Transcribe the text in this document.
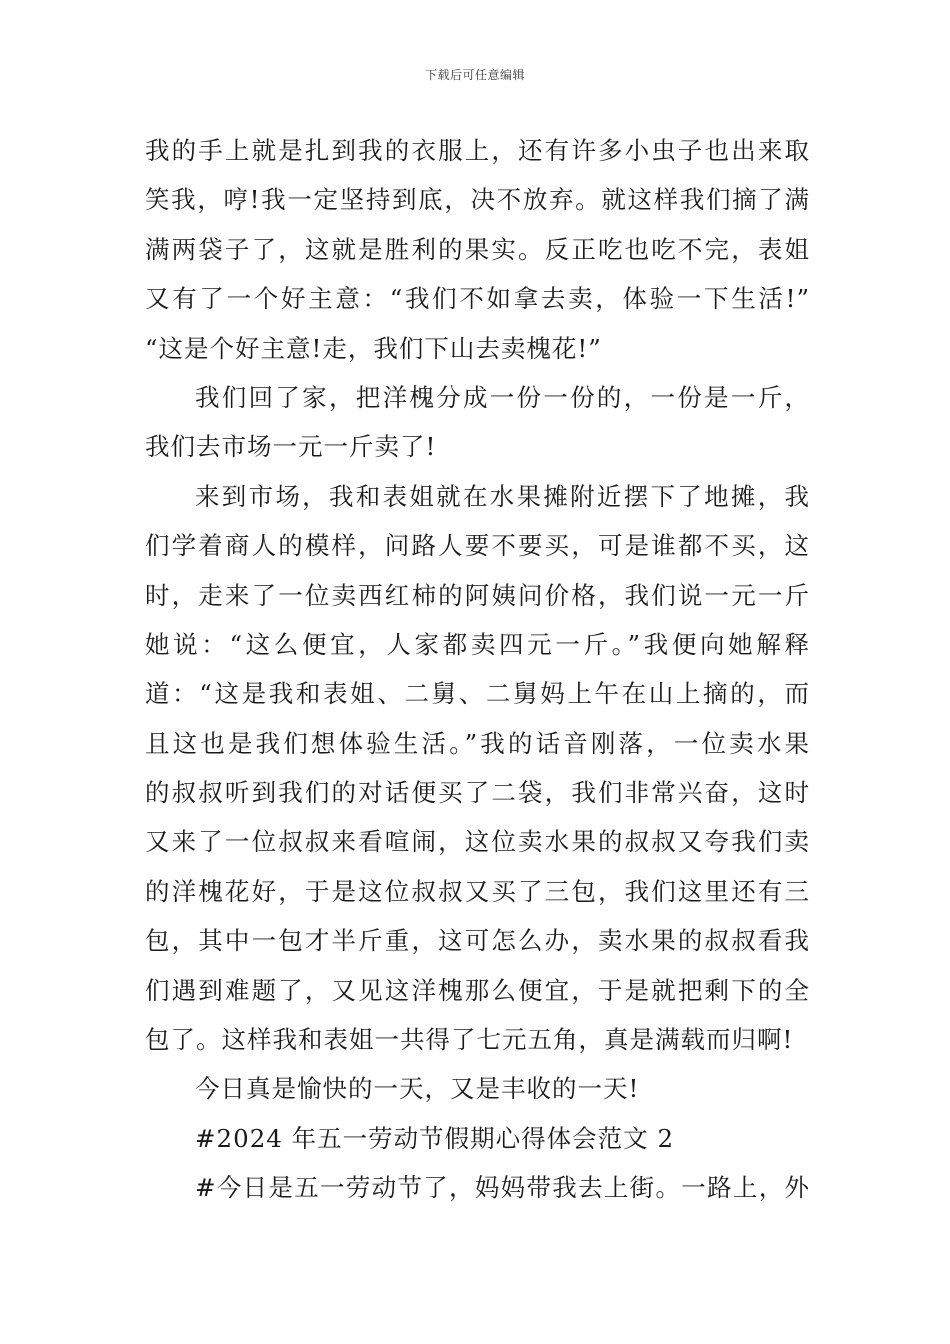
下载后可任意编辑
我的手上就是扎到我的衣服上，还有许多小虫子也出来取
笑我，哼!我一定坚持到底，决不放弃。就这样我们摘了满
满两袋子了，这就是胜利的果实。反正吃也吃不完，表姐
又有了一个好主意：“我们不如拿去卖，体验一下生活!”
“这是个好主意!走，我们下山去卖槐花!”
我们回了家，把洋槐分成一份一份的，一份是一斤，
我们去市场一元一斤卖了!
来到市场，我和表姐就在水果摊附近摆下了地摊，我
们学着商人的模样，问路人要不要买，可是谁都不买，这
时，走来了一位卖西红柿的阿姨问价格，我们说一元一斤
她说：“这么便宜，人家都卖四元一斤。”我便向她解释
道：“这是我和表姐、二舅、二舅妈上午在山上摘的，而
且这也是我们想体验生活。”我的话音刚落，一位卖水果
的叔叔听到我们的对话便买了二袋，我们非常兴奋，这时
又来了一位叔叔来看喧闹，这位卖水果的叔叔又夸我们卖
的洋槐花好，于是这位叔叔又买了三包，我们这里还有三
包，其中一包才半斤重，这可怎么办，卖水果的叔叔看我
们遇到难题了，又见这洋槐那么便宜，于是就把剩下的全
包了。这样我和表姐一共得了七元五角，真是满载而归啊!
今日真是愉快的一天，又是丰收的一天!
#2024 年五一劳动节假期心得体会范文 2
#今日是五一劳动节了，妈妈带我去上街。一路上，外
